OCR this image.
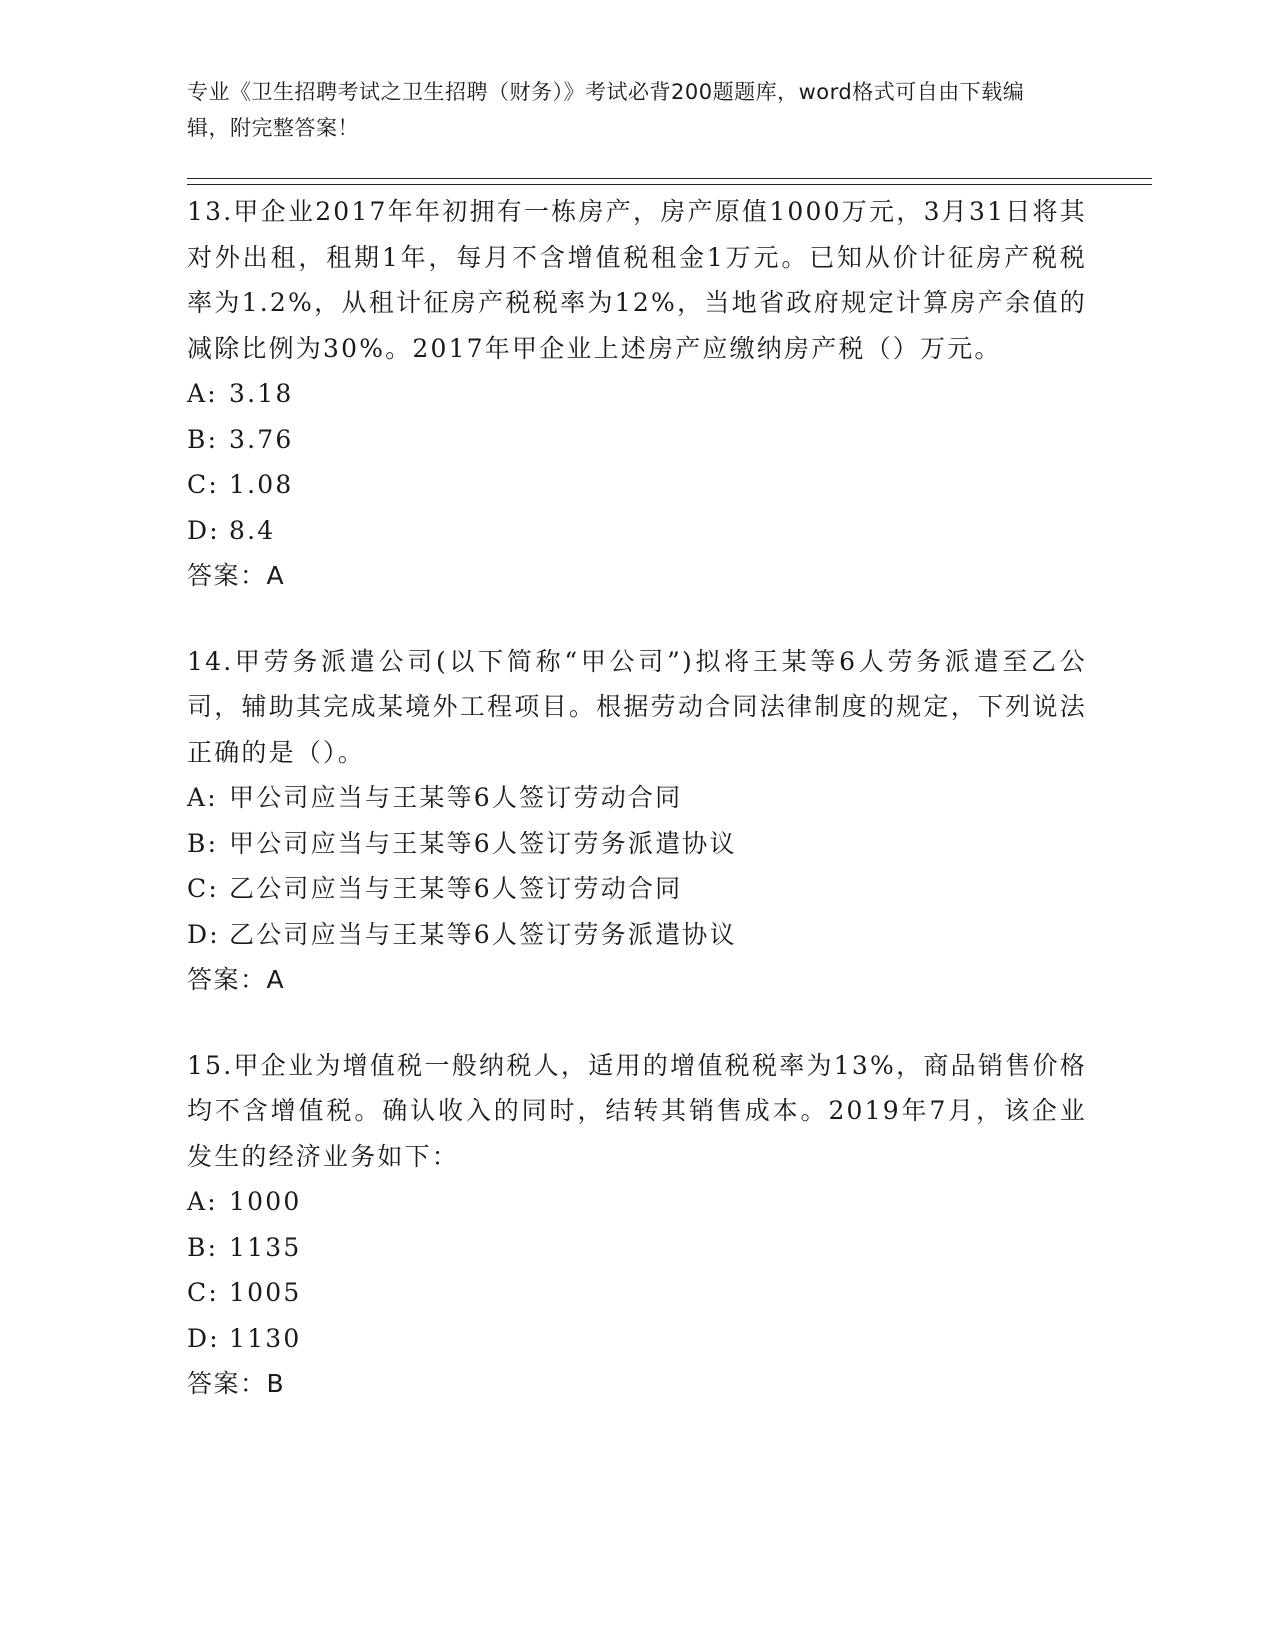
专业《卫生招聘考试之卫生招聘（财务）》考试必背200题题库，word格式可自由下载编辑，附完整答案！

13.甲企业2017年年初拥有一栋房产，房产原值1000万元，3月31日将其对外出租，租期1年，每月不含增值税租金1万元。已知从价计征房产税税率为1.2%，从租计征房产税税率为12%，当地省政府规定计算房产余值的减除比例为30%。2017年甲企业上述房产应缴纳房产税（）万元。

A: 3.18
B: 3.76
C: 1.08
D: 8.4

答案：A

14.甲劳务派遣公司(以下简称“甲公司”)拟将王某等6人劳务派遣至乙公司，辅助其完成某境外工程项目。根据劳动合同法律制度的规定，下列说法正确的是（）。

A: 甲公司应当与王某等6人签订劳动合同
B: 甲公司应当与王某等6人签订劳务派遣协议
C: 乙公司应当与王某等6人签订劳动合同
D: 乙公司应当与王某等6人签订劳务派遣协议

答案：A

15.甲企业为增值税一般纳税人，适用的增值税税率为13%，商品销售价格均不含增值税。确认收入的同时，结转其销售成本。2019年7月，该企业发生的经济业务如下：

A: 1000
B: 1135
C: 1005
D: 1130

答案：B
